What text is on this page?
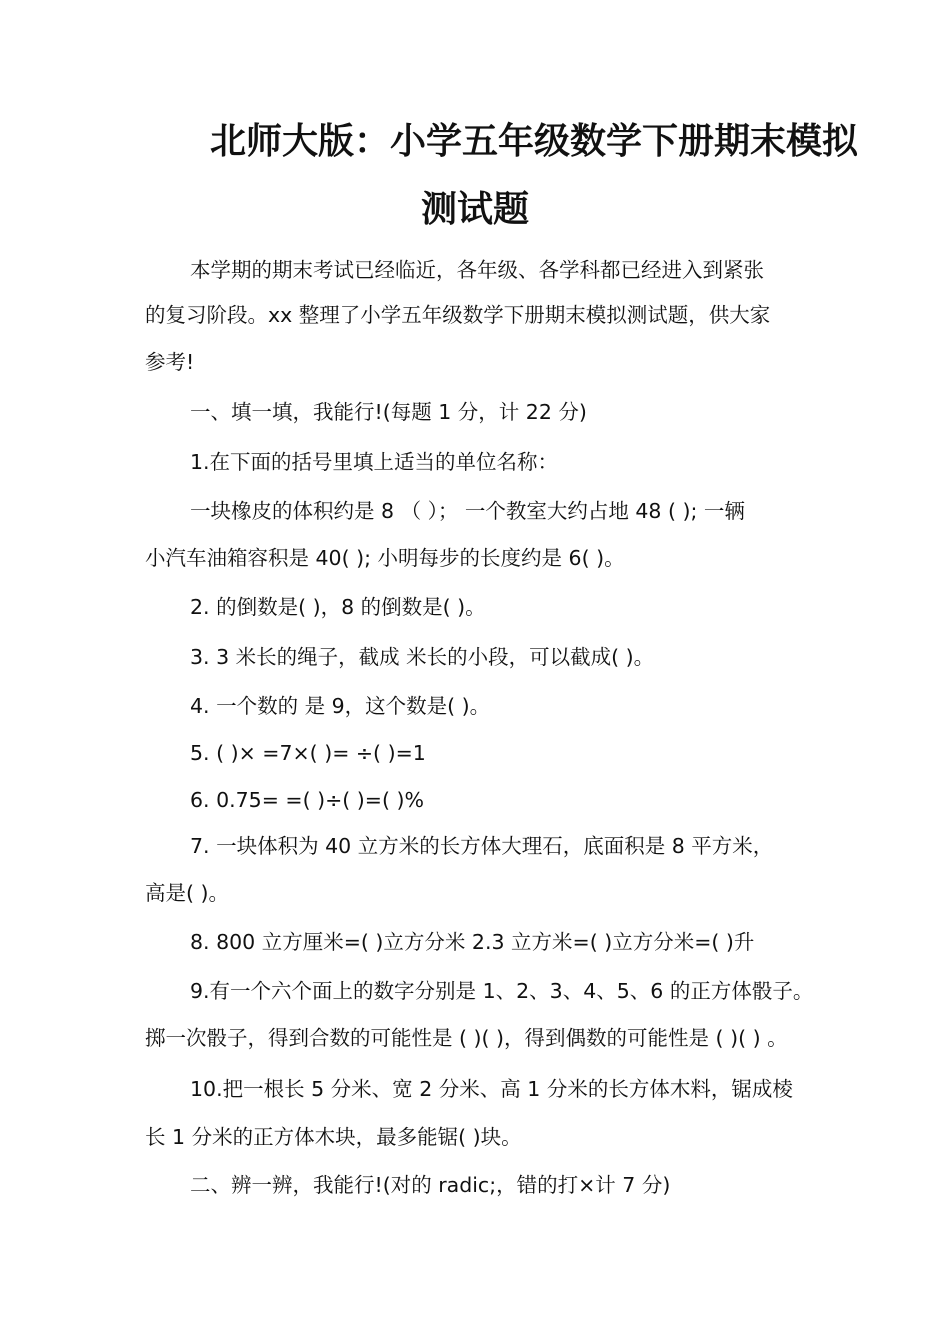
北师大版：小学五年级数学下册期末模拟
测试题
本学期的期末考试已经临近，各年级、各学科都已经进入到紧张
的复习阶段。xx 整理了小学五年级数学下册期末模拟测试题，供大家
参考!
一、填一填，我能行!(每题 1 分，计 22 分)
1.在下面的括号里填上适当的单位名称：
一块橡皮的体积约是 8 （ ）； 一个教室大约占地 48 ( ); 一辆
小汽车油箱容积是 40( ); 小明每步的长度约是 6( )。
2. 的倒数是( )，8 的倒数是( )。
3. 3 米长的绳子，截成 米长的小段，可以截成( )。
4. 一个数的 是 9，这个数是( )。
5. ( )× =7×( )= ÷( )=1
6. 0.75= =( )÷( )=( )%
7. 一块体积为 40 立方米的长方体大理石，底面积是 8 平方米，
高是( )。
8. 800 立方厘米=( )立方分米 2.3 立方米=( )立方分米=( )升
9.有一个六个面上的数字分别是 1、2、3、4、5、6 的正方体骰子。
掷一次骰子，得到合数的可能性是 ( )( )，得到偶数的可能性是 ( )( ) 。
10.把一根长 5 分米、宽 2 分米、高 1 分米的长方体木料，锯成棱
长 1 分米的正方体木块，最多能锯( )块。
二、辨一辨，我能行!(对的 radic;，错的打×计 7 分)
